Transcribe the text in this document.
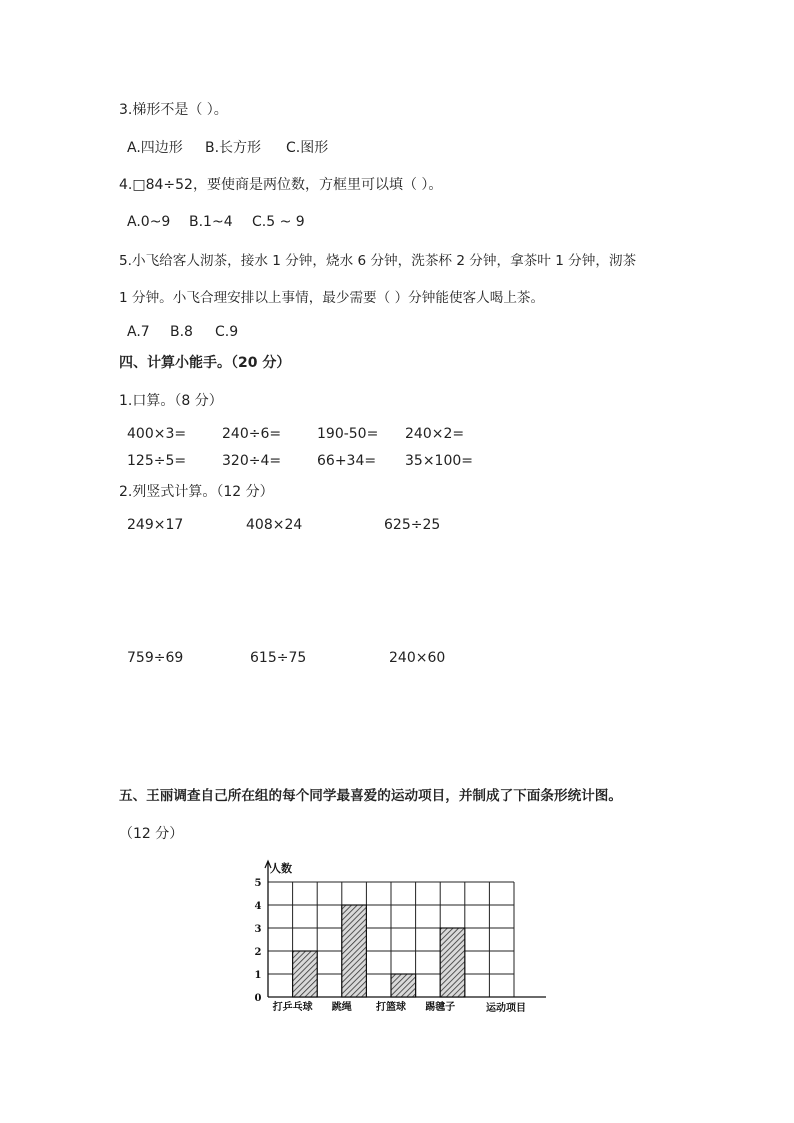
3.梯形不是（ ）。
A.四边形 B.长方形 C.图形
4.□84÷52，要使商是两位数，方框里可以填（ ）。
A.0~9 B.1~4 C.5 ~ 9
5.小飞给客人沏茶，接水 1 分钟，烧水 6 分钟，洗茶杯 2 分钟，拿茶叶 1 分钟，沏茶
1 分钟。小飞合理安排以上事情，最少需要（ ）分钟能使客人喝上茶。
A.7 B.8 C.9
四、计算小能手。（20 分）
1.口算。（8 分）
400×3=	240÷6=	190-50= 240×2=
125÷5=	320÷4=	66+34= 35×100=
2.列竖式计算。（12 分）
249×17	408×24	625÷25
759÷69	615÷75	240×60
五、王丽调查自己所在组的每个同学最喜爱的运动项目，并制成了下面条形统计图。
（12 分）
人数
运动项目
0
1
2
3
4
5
打乒乓球 跳绳 打篮球 踢毽子
